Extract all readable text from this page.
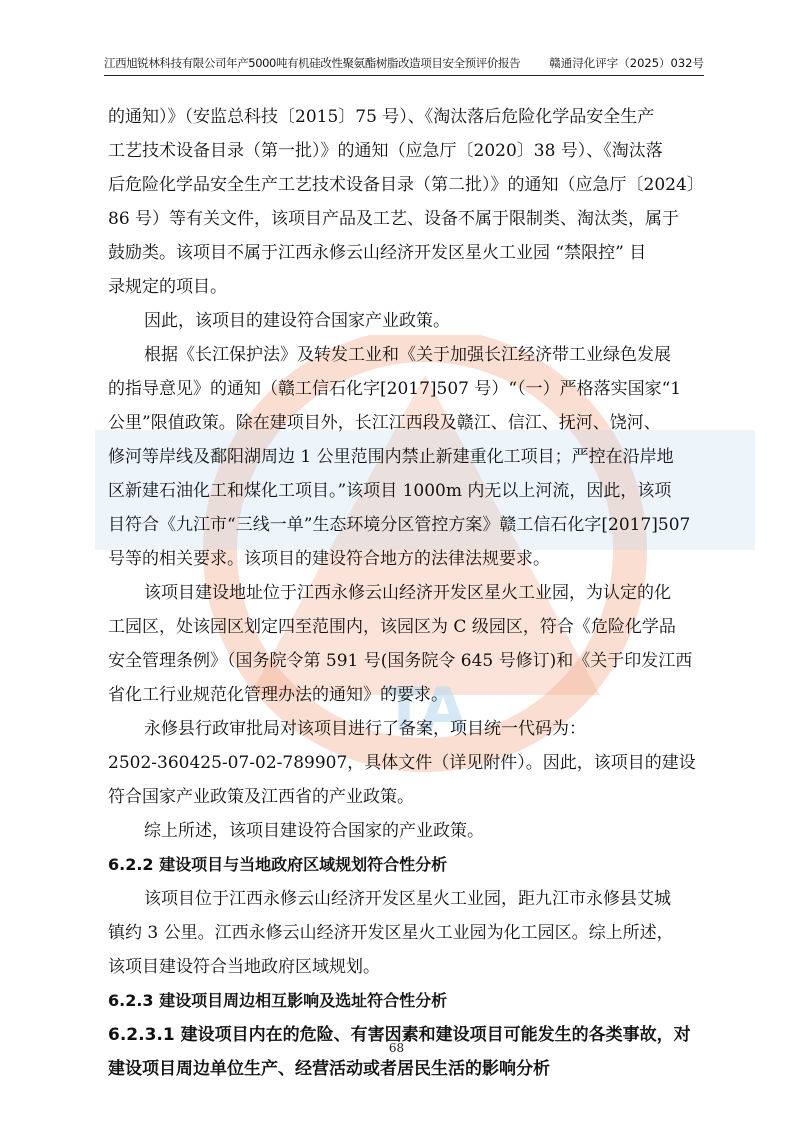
江西旭锐林科技有限公司年产5000吨有机硅改性聚氨酯树脂改造项目安全预评价报告	赣通浔化评字（2025）032号
TA
的通知）》（安监总科技〔2015〕75 号）、《淘汰落后危险化学品安全生产
工艺技术设备目录（第一批）》的通知（应急厅〔2020〕38 号）、《淘汰落
后危险化学品安全生产工艺技术设备目录（第二批）》的通知（应急厅〔2024〕
86 号）等有关文件，该项目产品及工艺、设备不属于限制类、淘汰类，属于
鼓励类。该项目不属于江西永修云山经济开发区星火工业园 “禁限控” 目
录规定的项目。
因此，该项目的建设符合国家产业政策。
根据《长江保护法》及转发工业和《关于加强长江经济带工业绿色发展
的指导意见》的通知（赣工信石化字[2017]507 号）“（一）严格落实国家“1
公里”限值政策。除在建项目外，长江江西段及赣江、信江、抚河、饶河、
修河等岸线及鄱阳湖周边 1 公里范围内禁止新建重化工项目；严控在沿岸地
区新建石油化工和煤化工项目。”该项目 1000m 内无以上河流，因此，该项
目符合《九江市“三线一单”生态环境分区管控方案》赣工信石化字[2017]507
号等的相关要求。该项目的建设符合地方的法律法规要求。
该项目建设地址位于江西永修云山经济开发区星火工业园，为认定的化
工园区，处该园区划定四至范围内，该园区为 C 级园区，符合《危险化学品
安全管理条例》（国务院令第 591 号(国务院令 645 号修订)和《关于印发江西
省化工行业规范化管理办法的通知》的要求。
永修县行政审批局对该项目进行了备案，项目统一代码为：
2502-360425-07-02-789907，具体文件（详见附件）。因此，该项目的建设
符合国家产业政策及江西省的产业政策。
综上所述，该项目建设符合国家的产业政策。
6.2.2 建设项目与当地政府区域规划符合性分析
该项目位于江西永修云山经济开发区星火工业园，距九江市永修县艾城
镇约 3 公里。江西永修云山经济开发区星火工业园为化工园区。综上所述，
该项目建设符合当地政府区域规划。
6.2.3 建设项目周边相互影响及选址符合性分析
6.2.3.1 建设项目内在的危险、有害因素和建设项目可能发生的各类事故，对
建设项目周边单位生产、经营活动或者居民生活的影响分析
68
